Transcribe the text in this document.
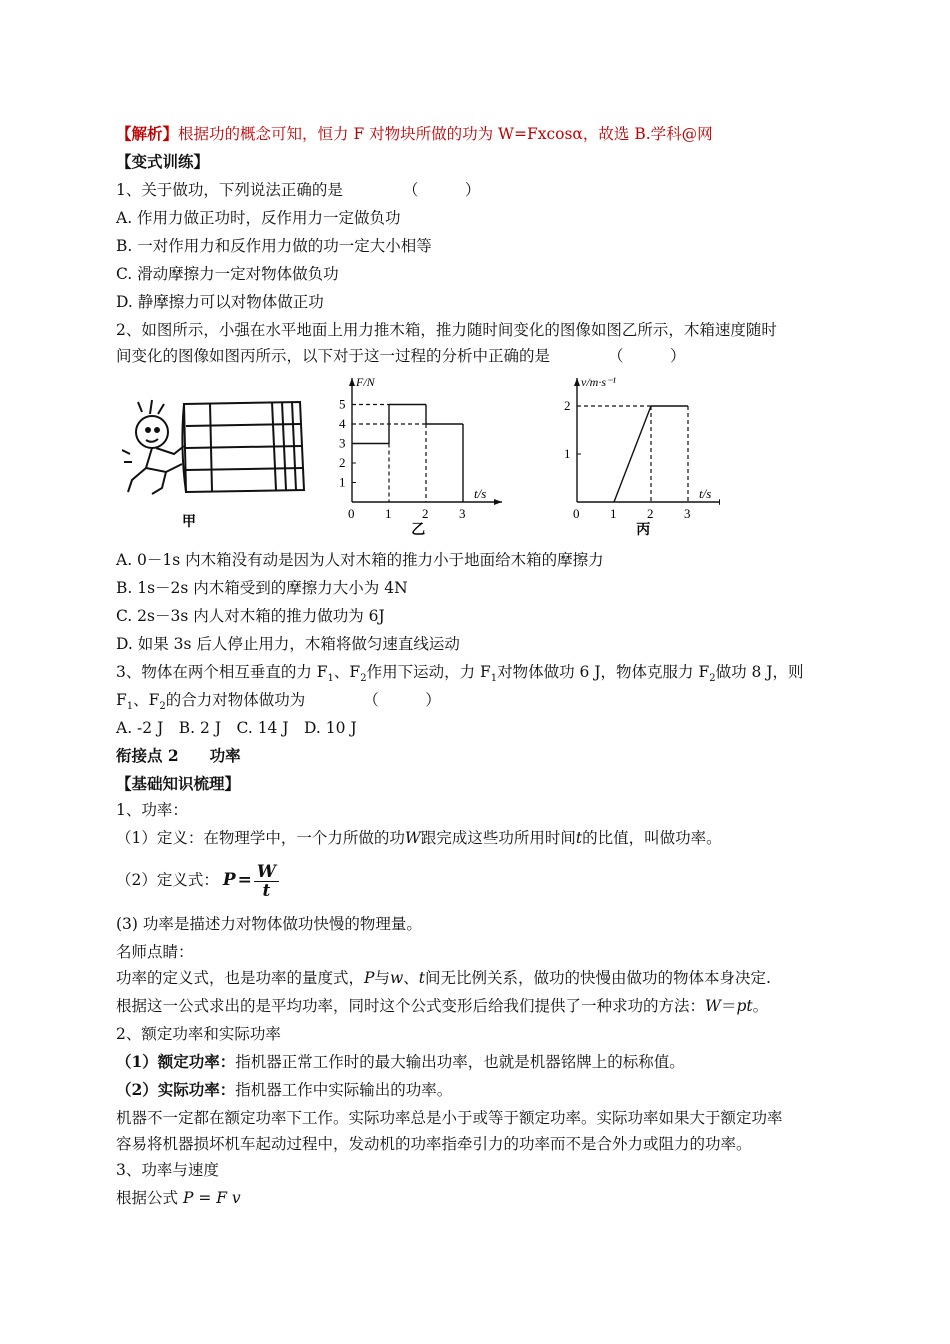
【解析】根据功的概念可知，恒力 F 对物块所做的功为 W=Fxcosα，故选 B.学科@网
【变式训练】
1、关于做功，下列说法正确的是	（　　　）
A. 作用力做正功时，反作用力一定做负功
B. 一对作用力和反作用力做的功一定大小相等
C. 滑动摩擦力一定对物体做负功
D. 静摩擦力可以对物体做正功
2、如图所示，小强在水平地面上用力推木箱，推力随时间变化的图像如图乙所示，木箱速度随时
间变化的图像如图丙所示，以下对于这一过程的分析中正确的是	（　　　）
甲
F/N
t/s
0 1 2 3
1
2
3
4
5
乙
v/m·s⁻¹
t/s
0 1 2 3
1
2
丙
A. 0－1s 内木箱没有动是因为人对木箱的推力小于地面给木箱的摩擦力
B. 1s－2s 内木箱受到的摩擦力大小为 4N
C. 2s－3s 内人对木箱的推力做功为 6J
D. 如果 3s 后人停止用力，木箱将做匀速直线运动
3、物体在两个相互垂直的力 $F_1$、$F_2$作用下运动，力 $F_1$对物体做功 6 J，物体克服力 $F_2$做功 8 J，则
$F_1$、$F_2$的合力对物体做功为	（　　　）
A. -2 J　B. 2 J　C. 14 J　D. 10 J
衔接点 2　　功率
【基础知识梳理】
1、功率：
（1）定义：在物理学中，一个力所做的功W跟完成这些功所用时间t的比值，叫做功率。
（2）定义式： $P = \frac{W}{t}$
(3) 功率是描述力对物体做功快慢的物理量。
名师点睛：
功率的定义式，也是功率的量度式，P与w、t间无比例关系，做功的快慢由做功的物体本身决定.
根据这一公式求出的是平均功率，同时这个公式变形后给我们提供了一种求功的方法：W＝pt。
2、额定功率和实际功率
（1）额定功率：指机器正常工作时的最大输出功率，也就是机器铭牌上的标称值。
（2）实际功率：指机器工作中实际输出的功率。
机器不一定都在额定功率下工作。实际功率总是小于或等于额定功率。实际功率如果大于额定功率
容易将机器损坏机车起动过程中，发动机的功率指牵引力的功率而不是合外力或阻力的功率。
3、功率与速度
根据公式 P = F v
